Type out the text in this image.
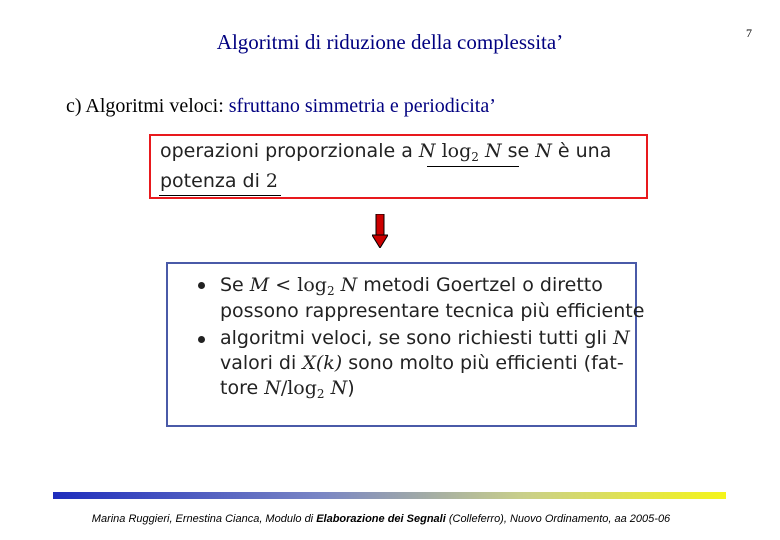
Algoritmi di riduzione della complessita’	7
c) Algoritmi veloci: sfruttano simmetria e periodicita’
operazioni proporzionale a N $\log_2 N$ se N è una
potenza di 2
Se $M < \log_2 N$ metodi Goertzel o diretto
possono rappresentare tecnica più efficiente
algoritmi veloci, se sono richiesti tutti gli N
valori di X(k) sono molto più efficienti (fat-
tore $N/\log_2$ N)
Marina Ruggieri, Ernestina Cianca, Modulo di Elaborazione dei Segnali (Colleferro), Nuovo Ordinamento, aa 2005-06
